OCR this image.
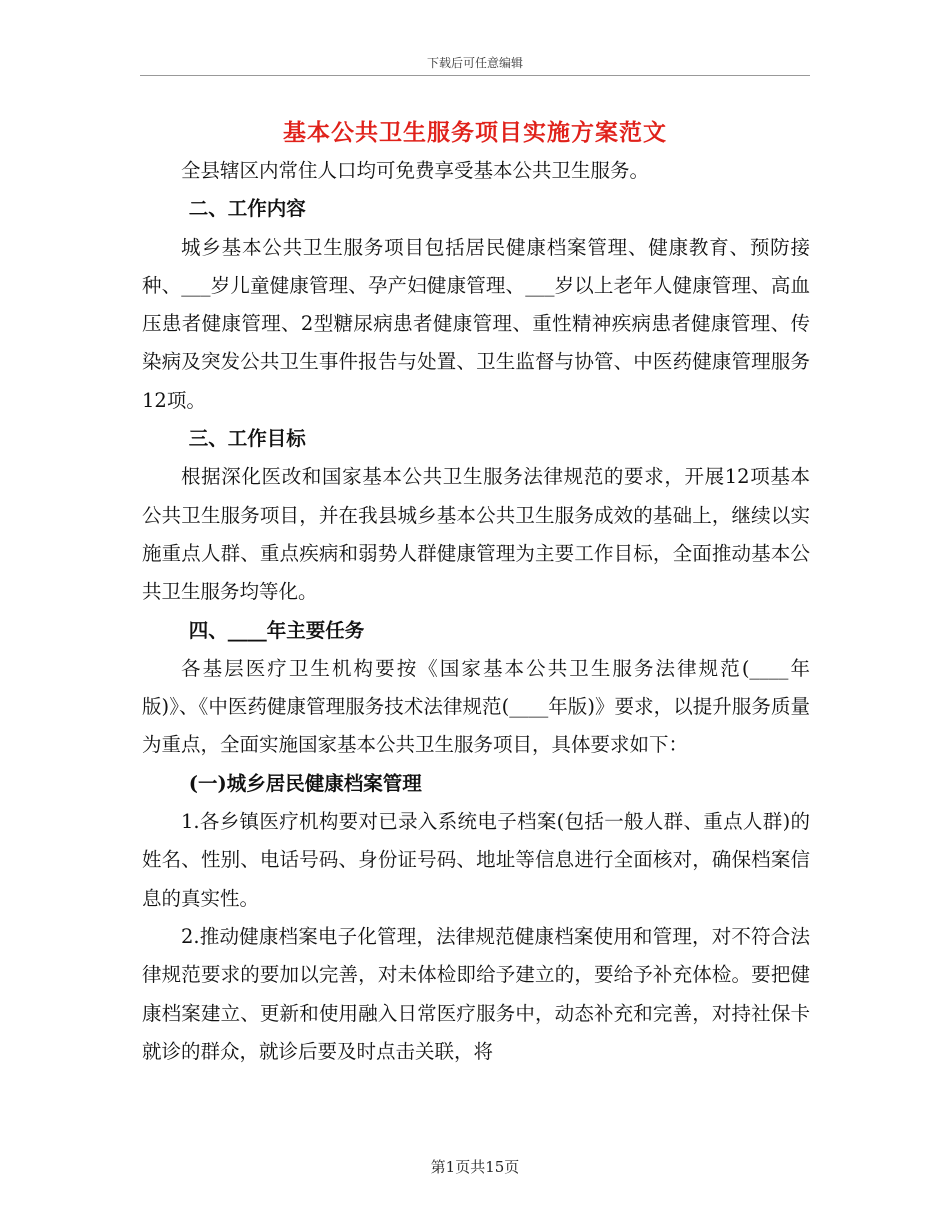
下载后可任意编辑
基本公共卫生服务项目实施方案范文

全县辖区内常住人口均可免费享受基本公共卫生服务。

二、工作内容

城乡基本公共卫生服务项目包括居民健康档案管理、健康教育、预防接种、___岁儿童健康管理、孕产妇健康管理、___岁以上老年人健康管理、高血压患者健康管理、2型糖尿病患者健康管理、重性精神疾病患者健康管理、传染病及突发公共卫生事件报告与处置、卫生监督与协管、中医药健康管理服务12项。

三、工作目标

根据深化医改和国家基本公共卫生服务法律规范的要求，开展12项基本公共卫生服务项目，并在我县城乡基本公共卫生服务成效的基础上，继续以实施重点人群、重点疾病和弱势人群健康管理为主要工作目标，全面推动基本公共卫生服务均等化。

四、____年主要任务

各基层医疗卫生机构要按《国家基本公共卫生服务法律规范(____年版)》、《中医药健康管理服务技术法律规范(____年版)》要求，以提升服务质量为重点，全面实施国家基本公共卫生服务项目，具体要求如下：

(一)城乡居民健康档案管理

1.各乡镇医疗机构要对已录入系统电子档案(包括一般人群、重点人群)的姓名、性别、电话号码、身份证号码、地址等信息进行全面核对，确保档案信息的真实性。

2.推动健康档案电子化管理，法律规范健康档案使用和管理，对不符合法律规范要求的要加以完善，对未体检即给予建立的，要给予补充体检。要把健康档案建立、更新和使用融入日常医疗服务中，动态补充和完善，对持社保卡就诊的群众，就诊后要及时点击关联，将

第1页共15页
